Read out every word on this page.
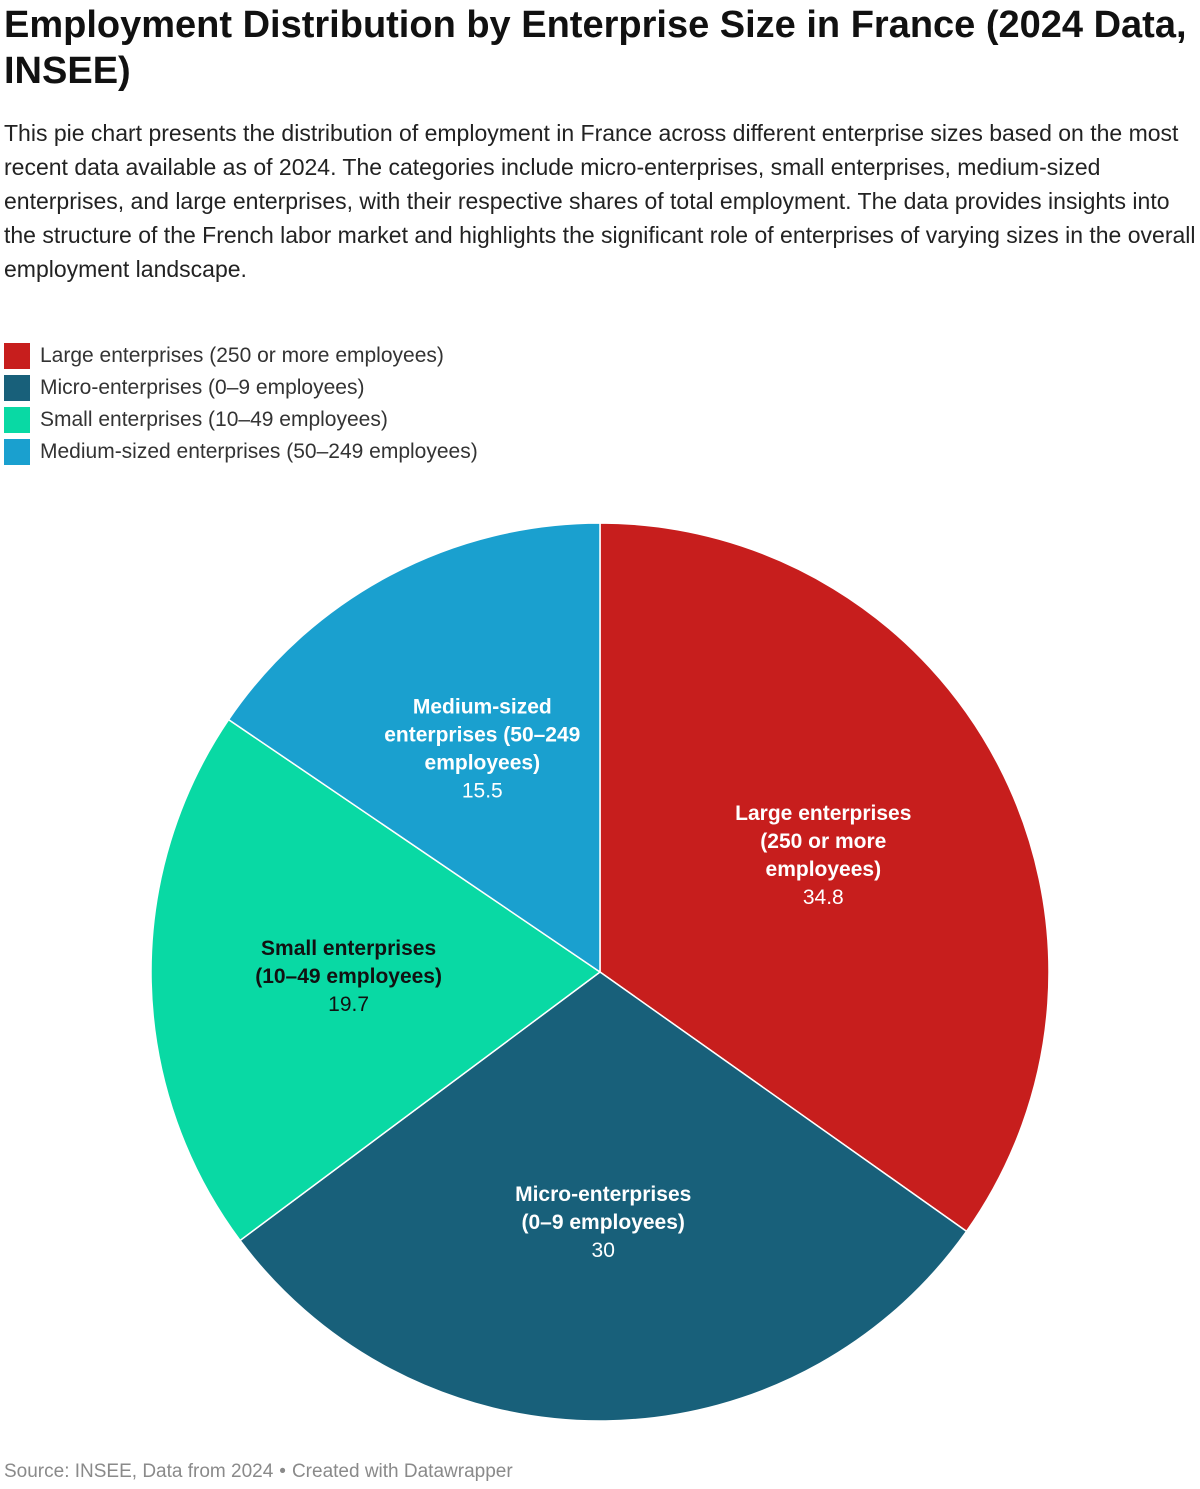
Employment Distribution by Enterprise Size in France (2024 Data, INSEE)

This pie chart presents the distribution of employment in France across different enterprise sizes based on the most recent data available as of 2024. The categories include micro-enterprises, small enterprises, medium-sized enterprises, and large enterprises, with their respective shares of total employment. The data provides insights into the structure of the French labor market and highlights the significant role of enterprises of varying sizes in the overall employment landscape.

Large enterprises (250 or more employees)
Micro-enterprises (0–9 employees)
Small enterprises (10–49 employees)
Medium-sized enterprises (50–249 employees)
Large enterprises
(250 or more
employees)
34.8
Micro-enterprises
(0–9 employees)
30
Small enterprises
(10–49 employees)
19.7
Medium-sized
enterprises (50–249
employees)
15.5

Source: INSEE, Data from 2024 • Created with Datawrapper
